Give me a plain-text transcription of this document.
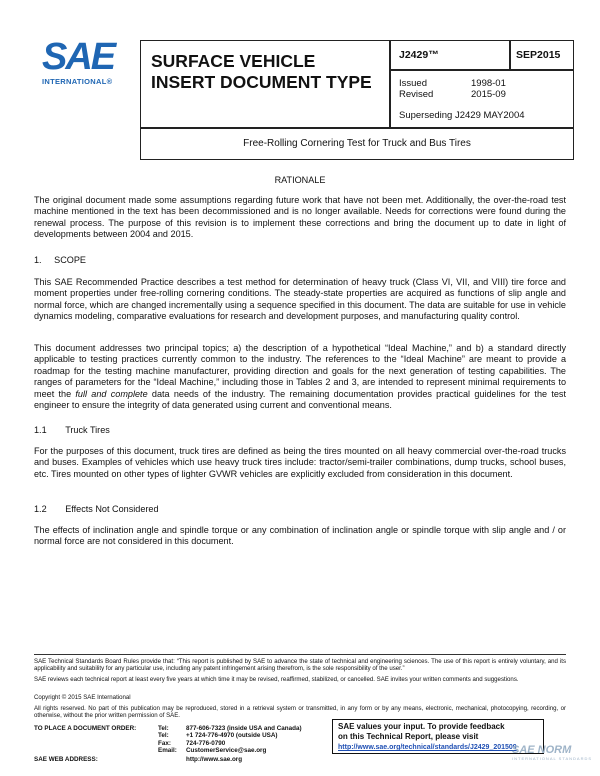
SAE
INTERNATIONAL®
SURFACE VEHICLE
INSERT DOCUMENT TYPE
J2429™	SEP2015
Issued	1998-01
Revised	2015-09
Superseding J2429 MAY2004
Free-Rolling Cornering Test for Truck and Bus Tires
RATIONALE
The original document made some assumptions regarding future work that have not been met. Additionally, the over-the-road test machine mentioned in the text has been decommissioned and is no longer available. Needs for corrections were found during the renewal process. The purpose of this revision is to implement these corrections and bring the document up to date in light of developments between 2004 and 2015.
1. SCOPE
This SAE Recommended Practice describes a test method for determination of heavy truck (Class VI, VII, and VIII) tire force and moment properties under free-rolling cornering conditions. The steady-state properties are acquired as functions of slip angle and normal force, which are changed incrementally using a sequence specified in this document. The data are suitable for use in vehicle dynamics modeling, comparative evaluations for research and development purposes, and manufacturing quality control.
This document addresses two principal topics; a) the description of a hypothetical “Ideal Machine,” and b) a standard directly applicable to testing practices currently common to the industry. The references to the “Ideal Machine” are meant to provide a roadmap for the testing machine manufacturer, providing direction and goals for the next generation of testing capabilities. The ranges of parameters for the “Ideal Machine,” including those in Tables 2 and 3, are intended to represent minimal requirements to meet the full and complete data needs of the industry. The remaining documentation provides practical guidelines for the test engineer to ensure the integrity of data generated using current and conventional means.
1.1 Truck Tires
For the purposes of this document, truck tires are defined as being the tires mounted on all heavy commercial over-the-road trucks and buses. Examples of vehicles which use heavy truck tires include: tractor/semi-trailer combinations, dump trucks, school buses, etc. Tires mounted on other types of lighter GVWR vehicles are explicitly excluded from consideration in this document.
1.2 Effects Not Considered
The effects of inclination angle and spindle torque or any combination of inclination angle or spindle torque with slip angle and / or normal force are not considered in this document.
SAE Technical Standards Board Rules provide that: “This report is published by SAE to advance the state of technical and engineering sciences. The use of this report is entirely voluntary, and its applicability and suitability for any particular use, including any patent infringement arising therefrom, is the sole responsibility of the user.”
SAE reviews each technical report at least every five years at which time it may be revised, reaffirmed, stabilized, or cancelled. SAE invites your written comments and suggestions.
Copyright © 2015 SAE International
All rights reserved. No part of this publication may be reproduced, stored in a retrieval system or transmitted, in any form or by any means, electronic, mechanical, photocopying, recording, or otherwise, without the prior written permission of SAE.
TO PLACE A DOCUMENT ORDER:	Tel:	877-606-7323 (inside USA and Canada)
Tel:	+1 724-776-4970 (outside USA)
Fax:	724-776-0790
Email:	CustomerService@sae.org
SAE WEB ADDRESS:	http://www.sae.org
SAE values your input. To provide feedback
on this Technical Report, please visit
http://www.sae.org/technical/standards/J2429_201509
SAE NORM
INTERNATIONAL STANDARDS
